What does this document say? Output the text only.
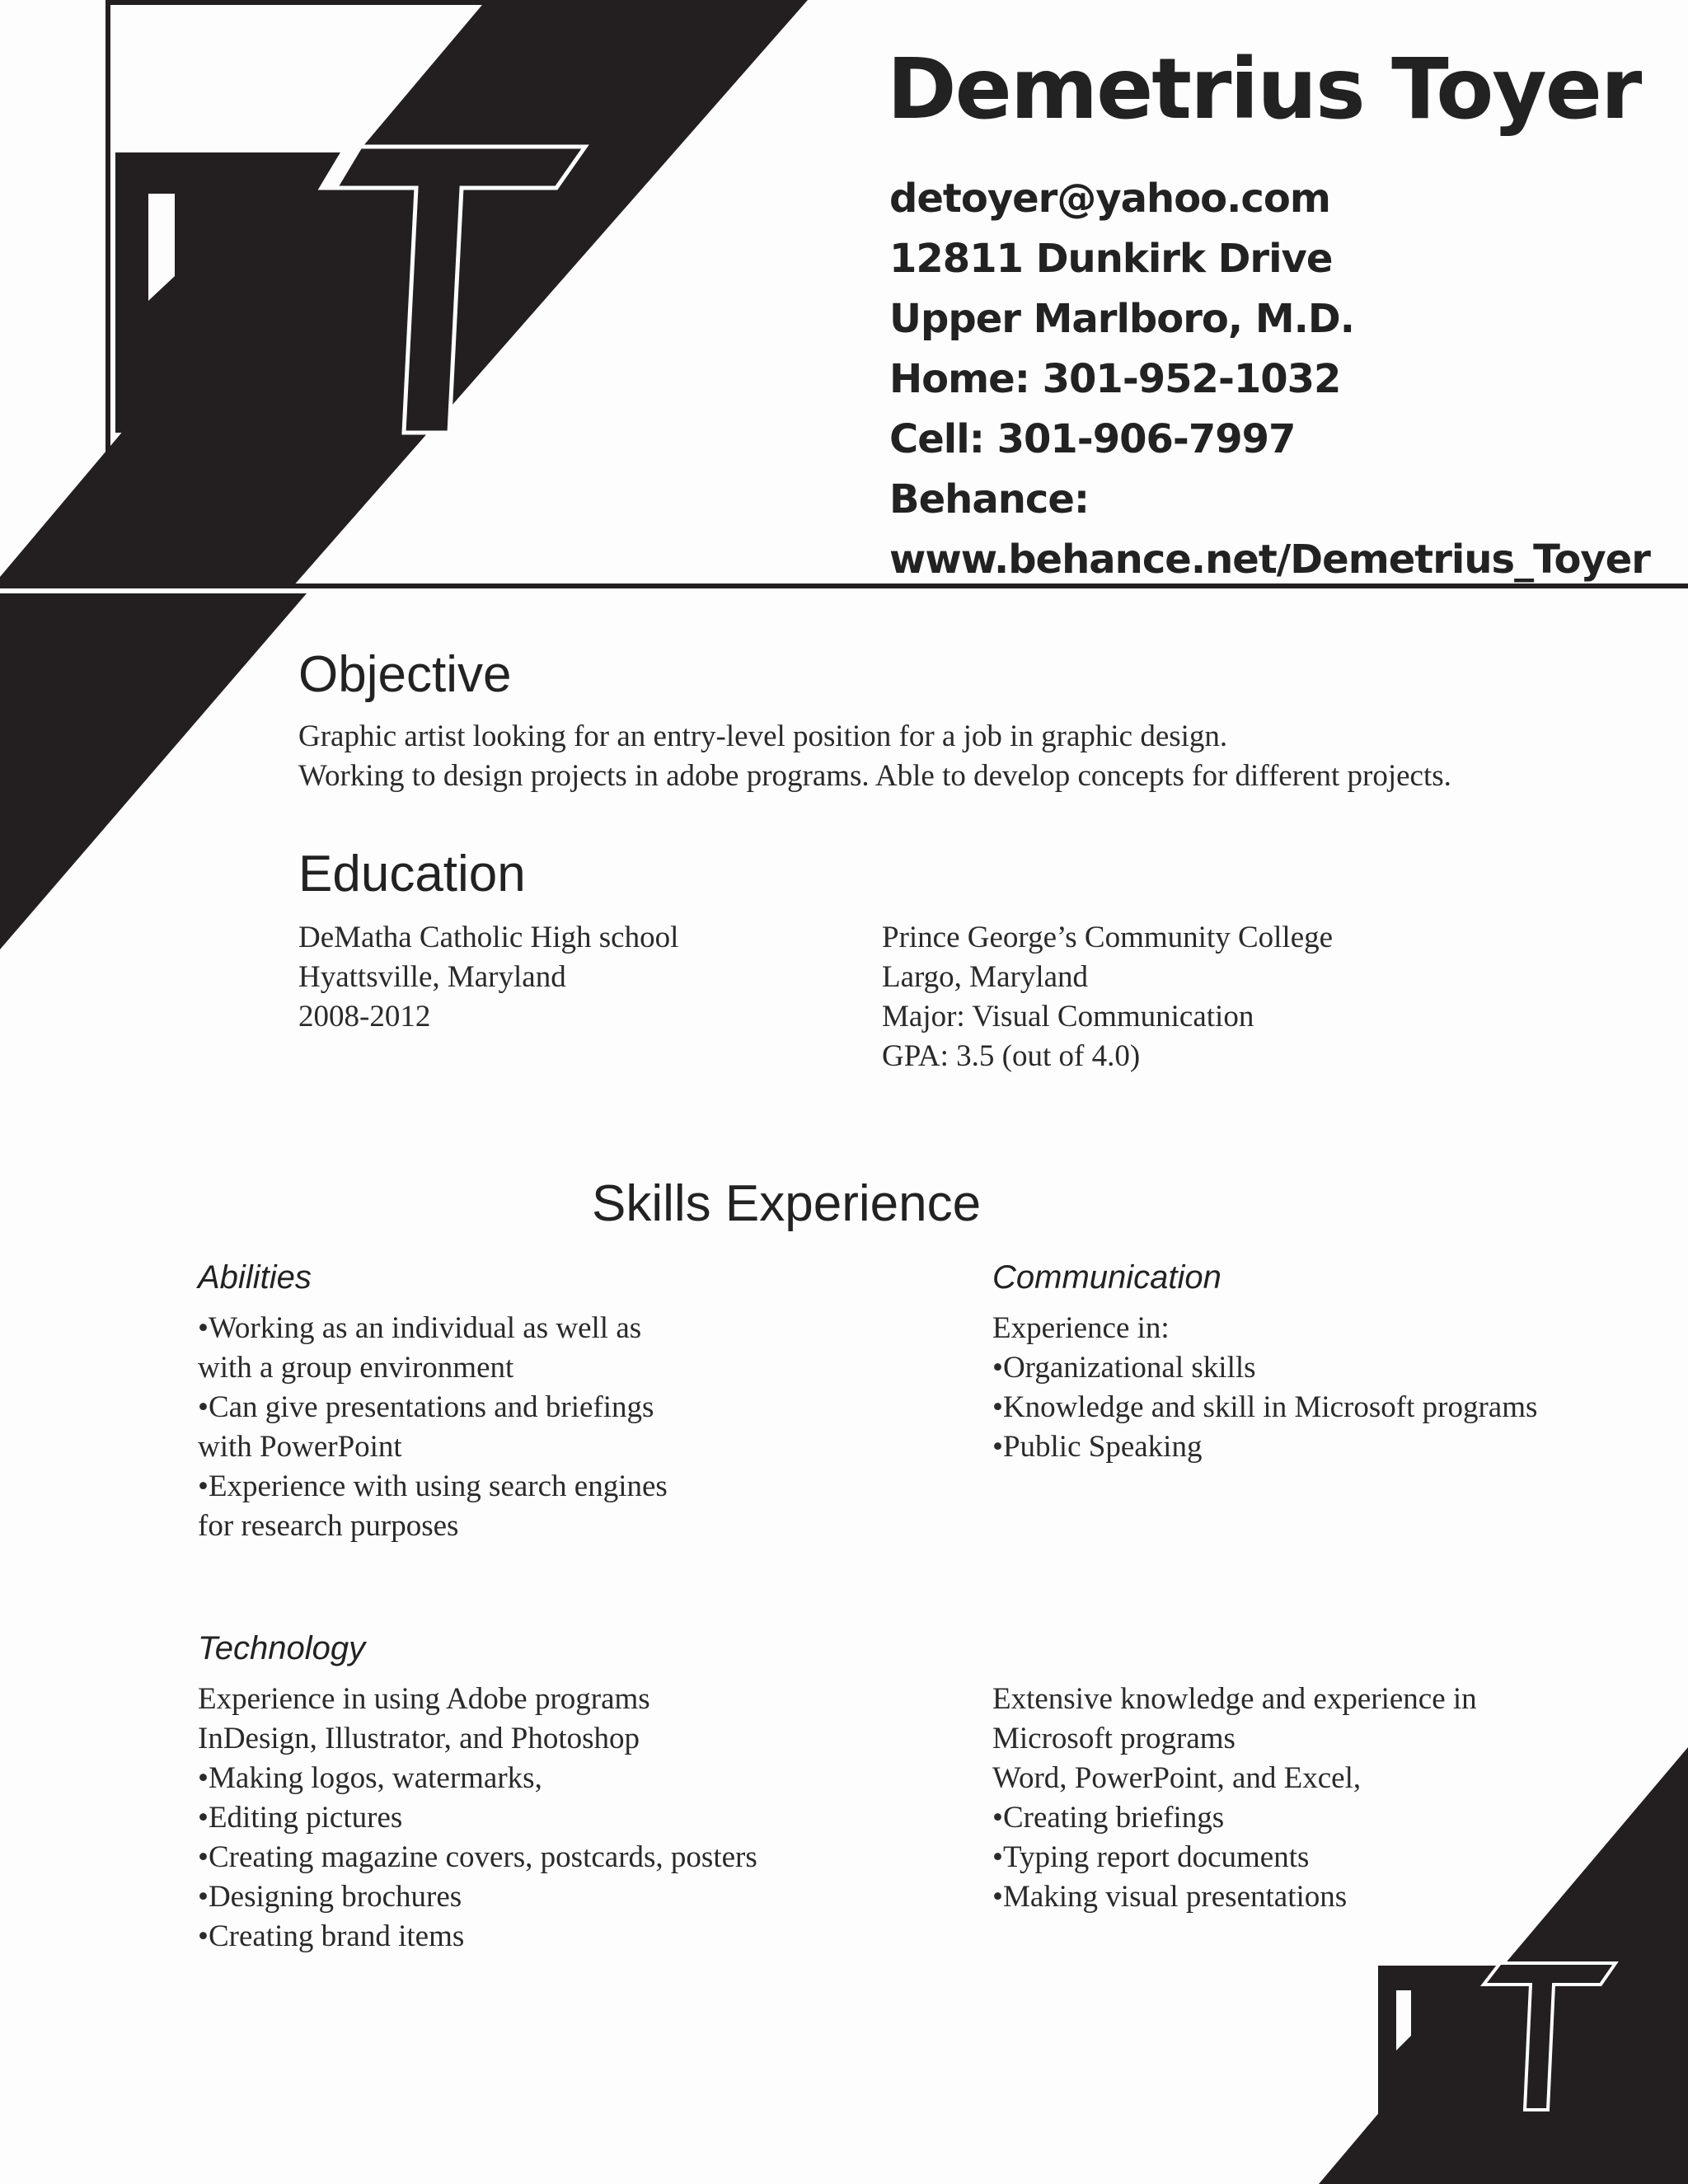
Demetrius Toyer
detoyer@yahoo.com
12811 Dunkirk Drive
Upper Marlboro, M.D.
Home: 301-952-1032
Cell: 301-906-7997
Behance:
www.behance.net/Demetrius_Toyer
Objective

Graphic artist looking for an entry-level position for a job in graphic design.

Working to design projects in adobe programs. Able to develop concepts for different projects.

Education
DeMatha Catholic High school
Hyattsville, Maryland
2008-2012
Prince George’s Community College
Largo, Maryland
Major: Visual Communication
GPA: 3.5 (out of 4.0)
Skills Experience
Abilities
•Working as an individual as well as
with a group environment
•Can give presentations and briefings
with PowerPoint
•Experience with using search engines
for research purposes
Communication
Experience in:
•Organizational skills
•Knowledge and skill in Microsoft programs
•Public Speaking
Technology
Experience in using Adobe programs
InDesign, Illustrator, and Photoshop
•Making logos, watermarks,
•Editing pictures
•Creating magazine covers, postcards, posters
•Designing brochures
•Creating brand items
Extensive knowledge and experience in
Microsoft programs
Word, PowerPoint, and Excel,
•Creating briefings
•Typing report documents
•Making visual presentations
